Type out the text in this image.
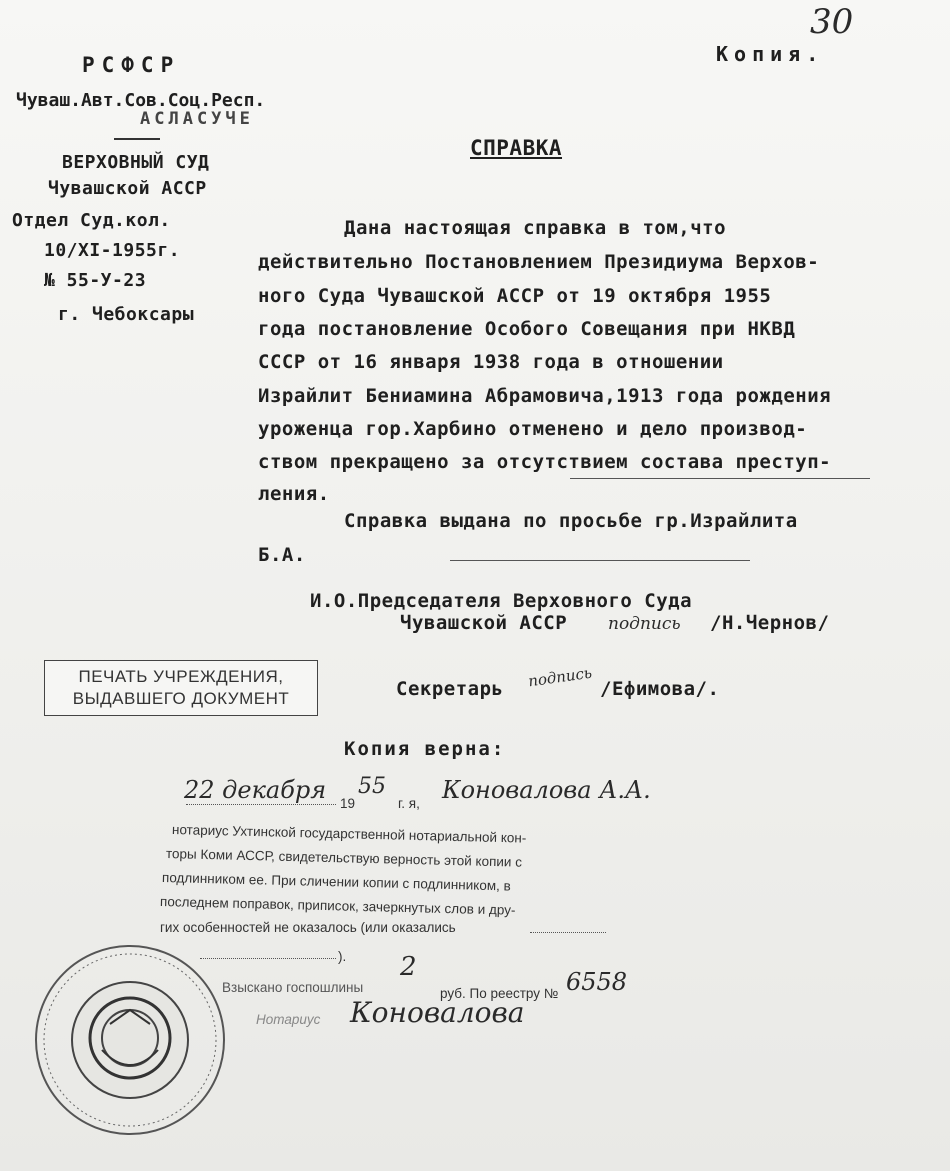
РСФСР
Чуваш.Авт.Сов.Соц.Респ.
АСЛАСУЧЕ
ВЕРХОВНЫЙ СУД
Чувашской АССР
Отдел Суд.кол.
10/XI-1955г.
№ 55-У-23
г. Чебоксары
30
Копия.
СПРАВКА
Дана настоящая справка в том,что
действительно Постановлением Президиума Верхов-
ного Суда Чувашской АССР от 19 октября 1955
года постановление Особого Совещания при НКВД
СССР от 16 января 1938 года в отношении
Израйлит Бениамина Абрамовича,1913 года рождения
уроженца гор.Харбино отменено и дело производ-
ством прекращено за отсутствием состава преступ-
ления.
Справка выдана по просьбе гр.Израйлита
Б.А.
И.О.Председателя Верховного Суда
Чувашской АССР подпись /Н.Чернов/
ПЕЧАТЬ УЧРЕЖДЕНИЯ,
ВЫДАВШЕГО ДОКУМЕНТ	Секретарь подпись /Ефимова/.
Копия верна:
22 декабря 19
55
г. я, Коновалова А.А.
нотариус Ухтинской государственной нотариальной кон-
торы Коми АССР, свидетельствую верность этой копии с
подлинником ее. При сличении копии с подлинником, в
последнем поправок, приписок, зачеркнутых слов и дру-
гих особенностей не оказалось (или оказались
).
Взыскано госпошлины
2
руб. По реестру № 6558
Нотариус Коновалова
